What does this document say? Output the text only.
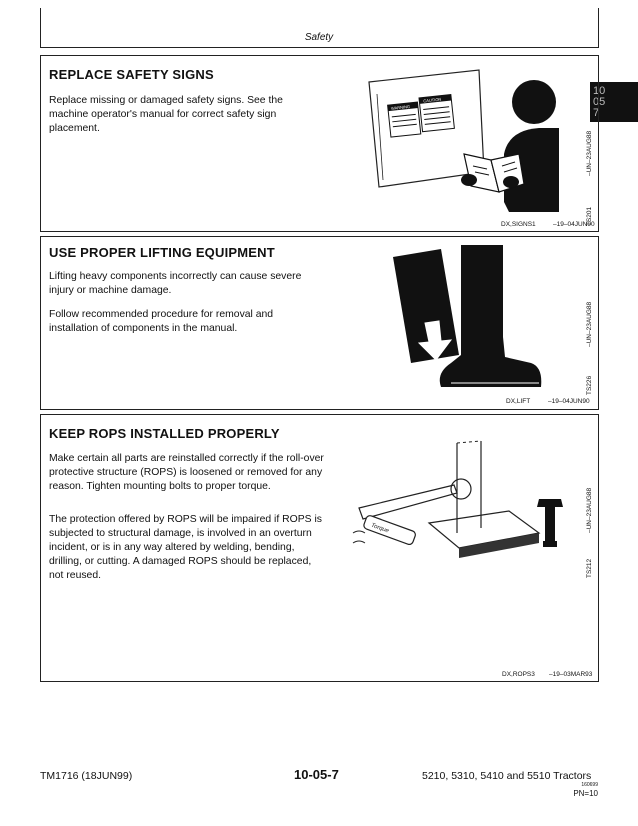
Safety
10
05
7
REPLACE SAFETY SIGNS

Replace missing or damaged safety signs. See the machine operator's manual for correct safety sign placement.

WARNING
CAUTION
–UN–23AUG88
TS201
DX,SIGNS1	–19–04JUN90
USE PROPER LIFTING EQUIPMENT

Lifting heavy components incorrectly can cause severe injury or machine damage.

Follow recommended procedure for removal and installation of components in the manual.	–UN–23AUG88
TS226
DX,LIFT	–19–04JUN90
KEEP ROPS INSTALLED PROPERLY

Make certain all parts are reinstalled correctly if the roll-over protective structure (ROPS) is loosened or removed for any reason. Tighten mounting bolts to proper torque.

The protection offered by ROPS will be impaired if ROPS is subjected to structural damage, is involved in an overturn incident, or is in any way altered by welding, bending, drilling, or cutting. A damaged ROPS should be replaced, not reused.

Torque	–UN–23AUG88
TS212
DX,ROPS3 –19–03MAR93
TM1716 (18JUN99)	10-05-7	5210, 5310, 5410 and 5510 Tractors
160699
PN=10
